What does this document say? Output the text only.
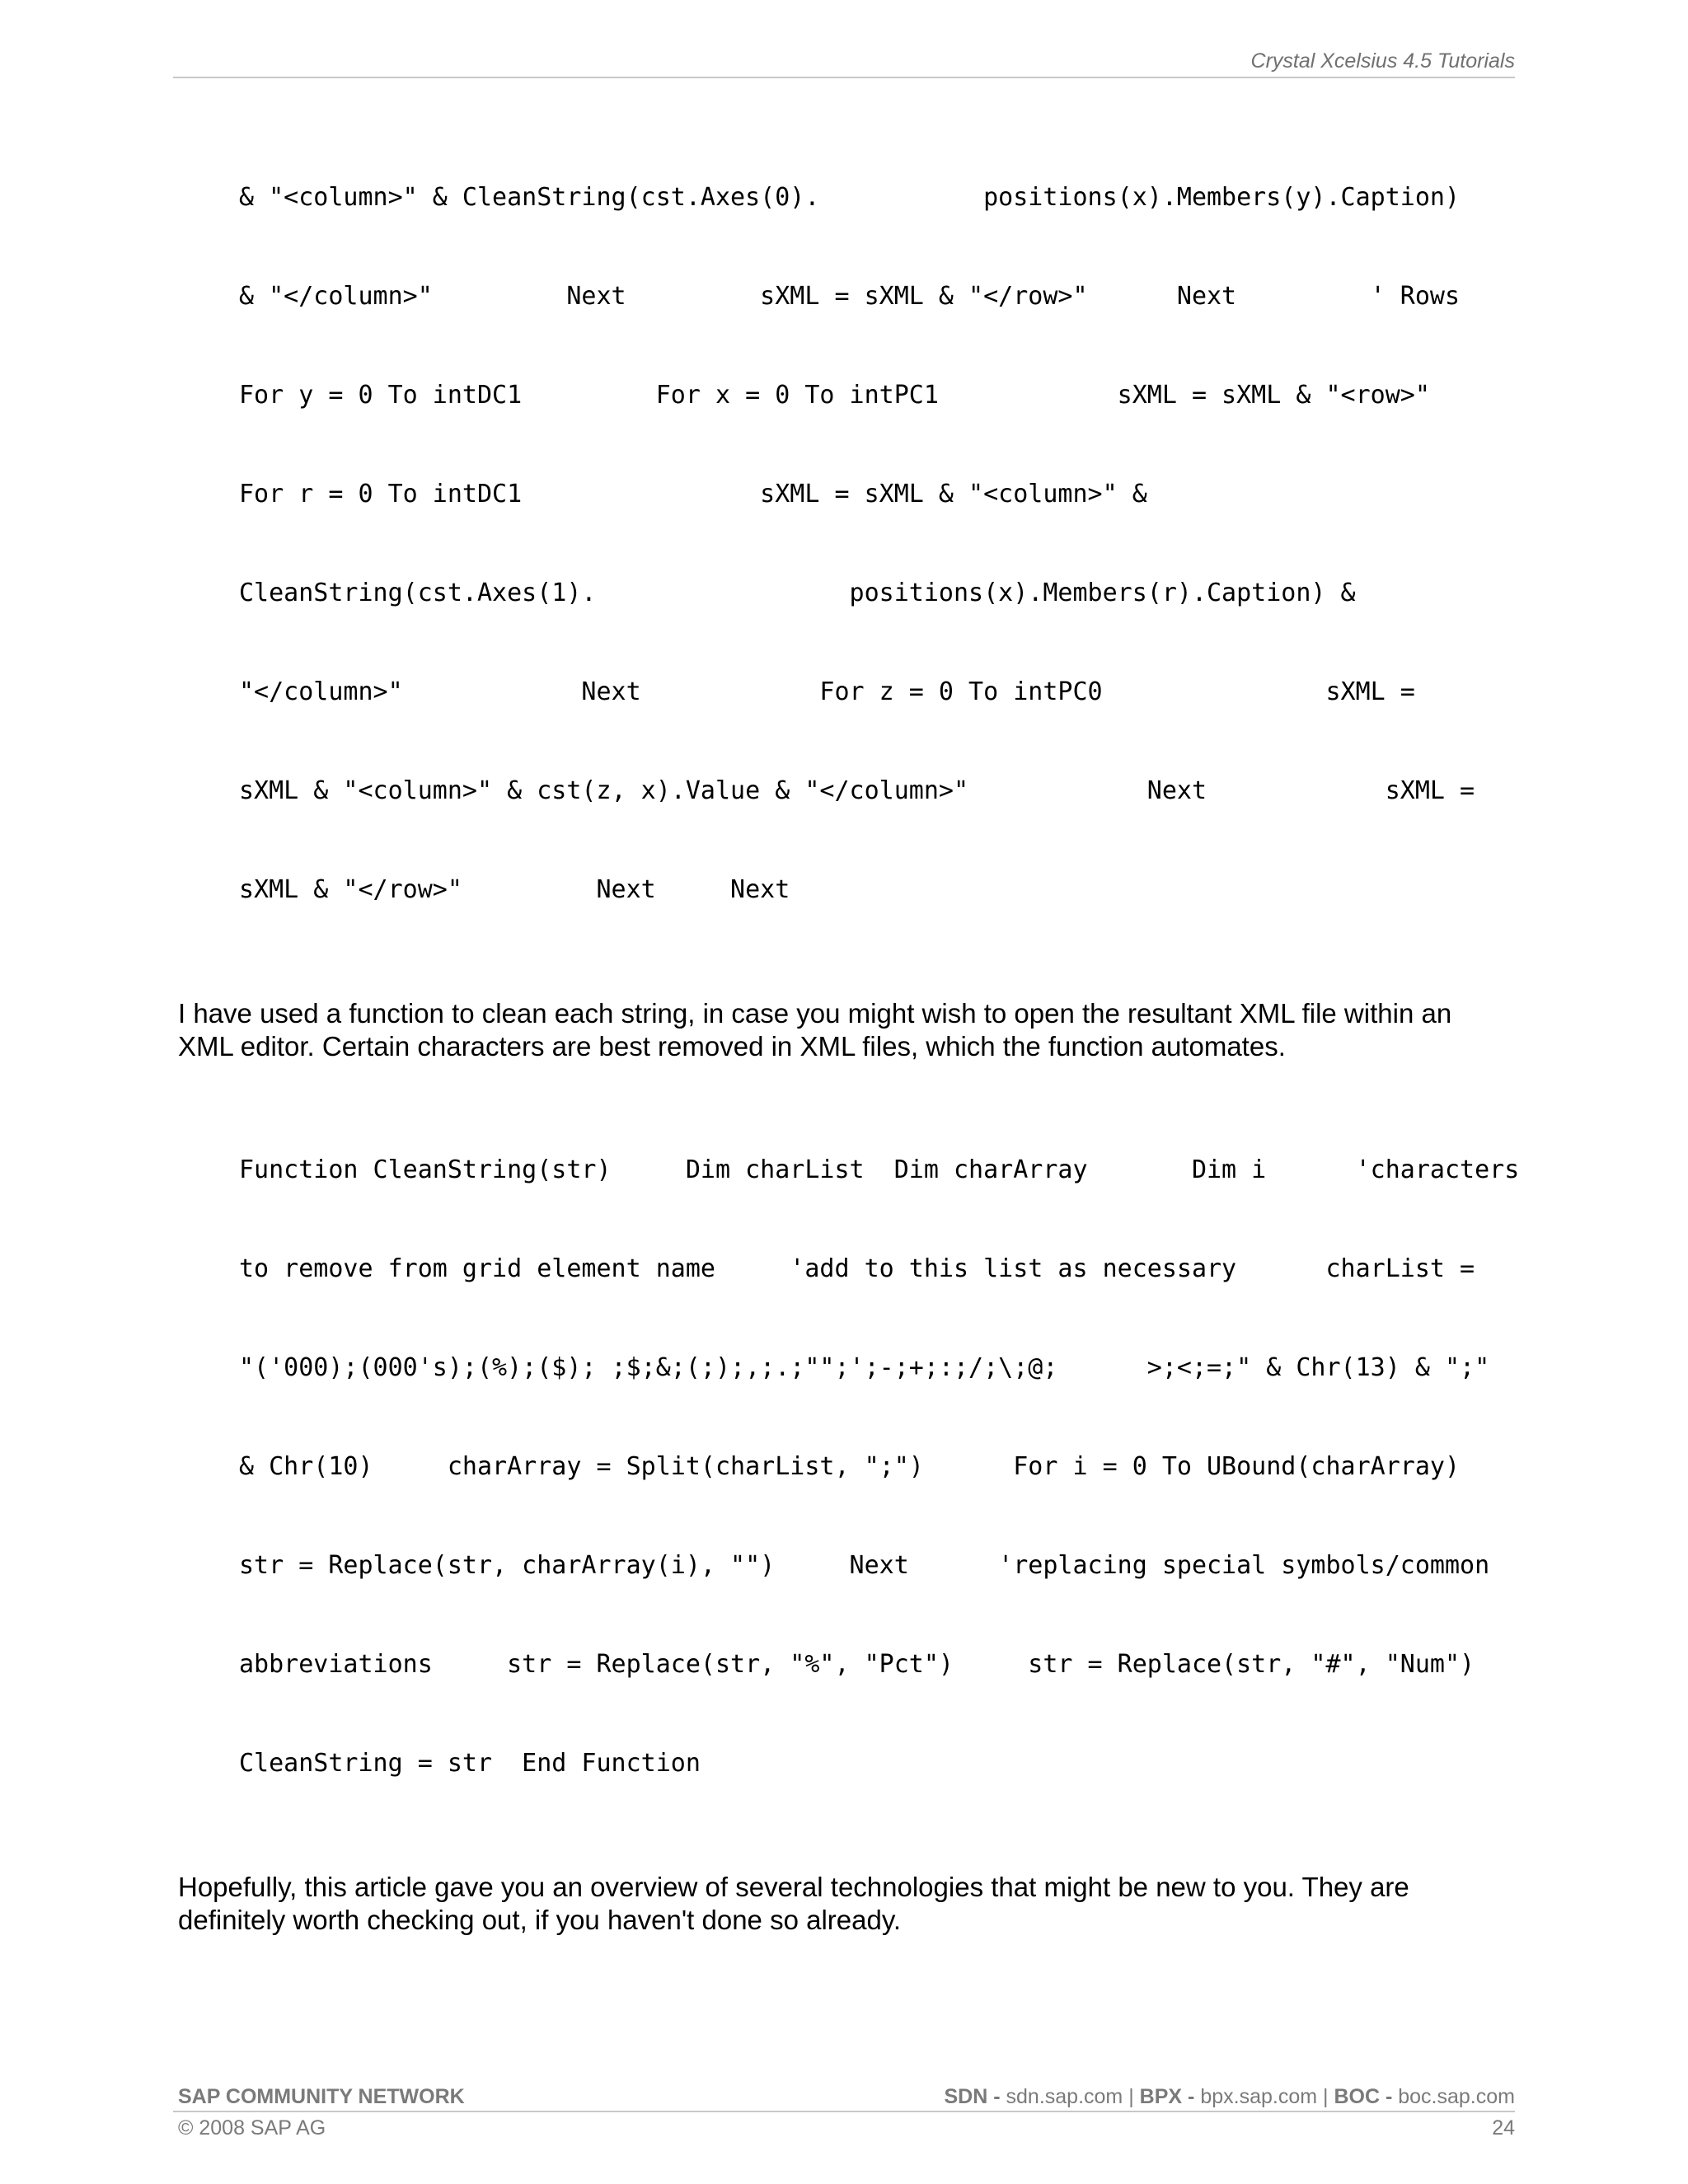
Crystal Xcelsius 4.5 Tutorials

& "<column>" & CleanString(cst.Axes(0).           positions(x).Members(y).Caption)

& "</column>"         Next         sXML = sXML & "</row>"      Next         ' Rows

For y = 0 To intDC1         For x = 0 To intPC1            sXML = sXML & "<row>"

For r = 0 To intDC1                sXML = sXML & "<column>" &

CleanString(cst.Axes(1).                 positions(x).Members(r).Caption) &

"</column>"            Next            For z = 0 To intPC0               sXML =

sXML & "<column>" & cst(z, x).Value & "</column>"            Next            sXML =

sXML & "</row>"         Next     Next

I have used a function to clean each string, in case you might wish to open the resultant XML file within an XML editor. Certain characters are best removed in XML files, which the function automates.

Function CleanString(str)     Dim charList  Dim charArray       Dim i      'characters

to remove from grid element name     'add to this list as necessary      charList =

"('000);(000's);(%);($); ;$;&;(;);,;.;"";';-;+;:;/;\;@;      >;<;=;" & Chr(13) & ";"

& Chr(10)     charArray = Split(charList, ";")      For i = 0 To UBound(charArray)

str = Replace(str, charArray(i), "")     Next      'replacing special symbols/common

abbreviations     str = Replace(str, "%", "Pct")     str = Replace(str, "#", "Num")

CleanString = str  End Function

Hopefully, this article gave you an overview of several technologies that might be new to you. They are definitely worth checking out, if you haven't done so already.

SAP COMMUNITY NETWORK	SDN - sdn.sap.com | BPX - bpx.sap.com | BOC - boc.sap.com
© 2008 SAP AG	24
